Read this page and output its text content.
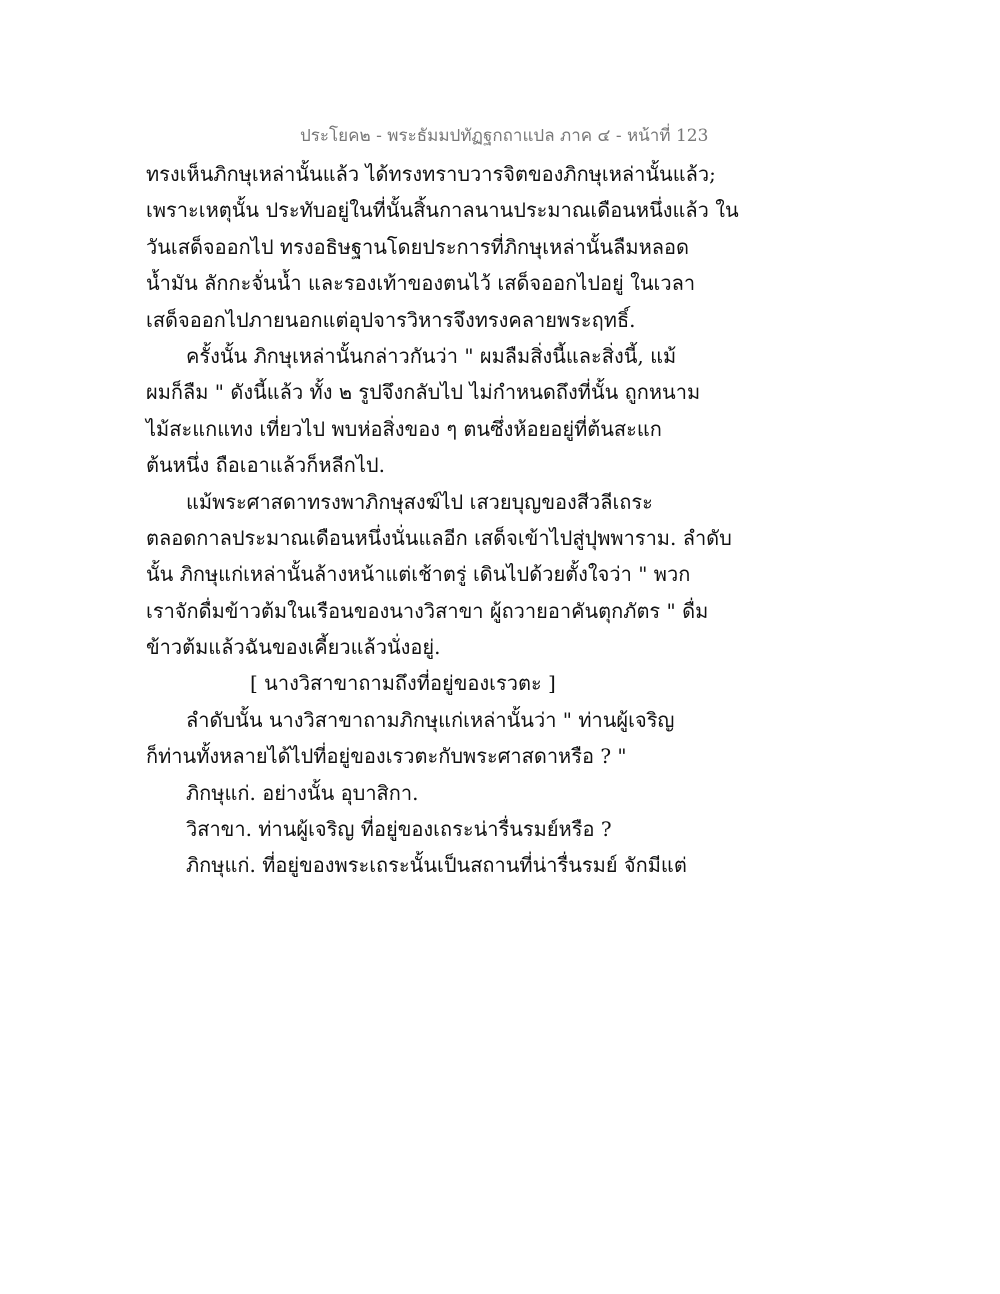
ประโยค๒ - พระธัมมปทัฏฐกถาแปล ภาค ๔ - หน้าที่ 123
ทรงเห็นภิกษุเหล่านั้นแล้ว ได้ทรงทราบวารจิตของภิกษุเหล่านั้นแล้ว;
เพราะเหตุนั้น ประทับอยู่ในที่นั้นสิ้นกาลนานประมาณเดือนหนึ่งแล้ว ใน
วันเสด็จออกไป ทรงอธิษฐานโดยประการที่ภิกษุเหล่านั้นลืมหลอด
น้ำมัน ลักกะจั่นน้ำ และรองเท้าของตนไว้ เสด็จออกไปอยู่ ในเวลา
เสด็จออกไปภายนอกแต่อุปจารวิหารจึงทรงคลายพระฤทธิ์.
ครั้งนั้น ภิกษุเหล่านั้นกล่าวกันว่า " ผมลืมสิ่งนี้และสิ่งนี้, แม้
ผมก็ลืม " ดังนี้แล้ว ทั้ง ๒ รูปจึงกลับไป ไม่กำหนดถึงที่นั้น ถูกหนาม
ไม้สะแกแทง เที่ยวไป พบห่อสิ่งของ ๆ ตนซึ่งห้อยอยู่ที่ต้นสะแก
ต้นหนึ่ง ถือเอาแล้วก็หลีกไป.
แม้พระศาสดาทรงพาภิกษุสงฆ์ไป เสวยบุญของสีวลีเถระ
ตลอดกาลประมาณเดือนหนึ่งนั่นแลอีก เสด็จเข้าไปสู่ปุพพาราม. ลำดับ
นั้น ภิกษุแก่เหล่านั้นล้างหน้าแต่เช้าตรู่ เดินไปด้วยตั้งใจว่า " พวก
เราจักดื่มข้าวต้มในเรือนของนางวิสาขา ผู้ถวายอาคันตุกภัตร " ดื่ม
ข้าวต้มแล้วฉันของเคี้ยวแล้วนั่งอยู่.
[ นางวิสาขาถามถึงที่อยู่ของเรวตะ ]
ลำดับนั้น นางวิสาขาถามภิกษุแก่เหล่านั้นว่า " ท่านผู้เจริญ
ก็ท่านทั้งหลายได้ไปที่อยู่ของเรวตะกับพระศาสดาหรือ ? "
ภิกษุแก่. อย่างนั้น อุบาสิกา.
วิสาขา. ท่านผู้เจริญ ที่อยู่ของเถระน่ารื่นรมย์หรือ ?
ภิกษุแก่. ที่อยู่ของพระเถระนั้นเป็นสถานที่น่ารื่นรมย์ จักมีแต่
